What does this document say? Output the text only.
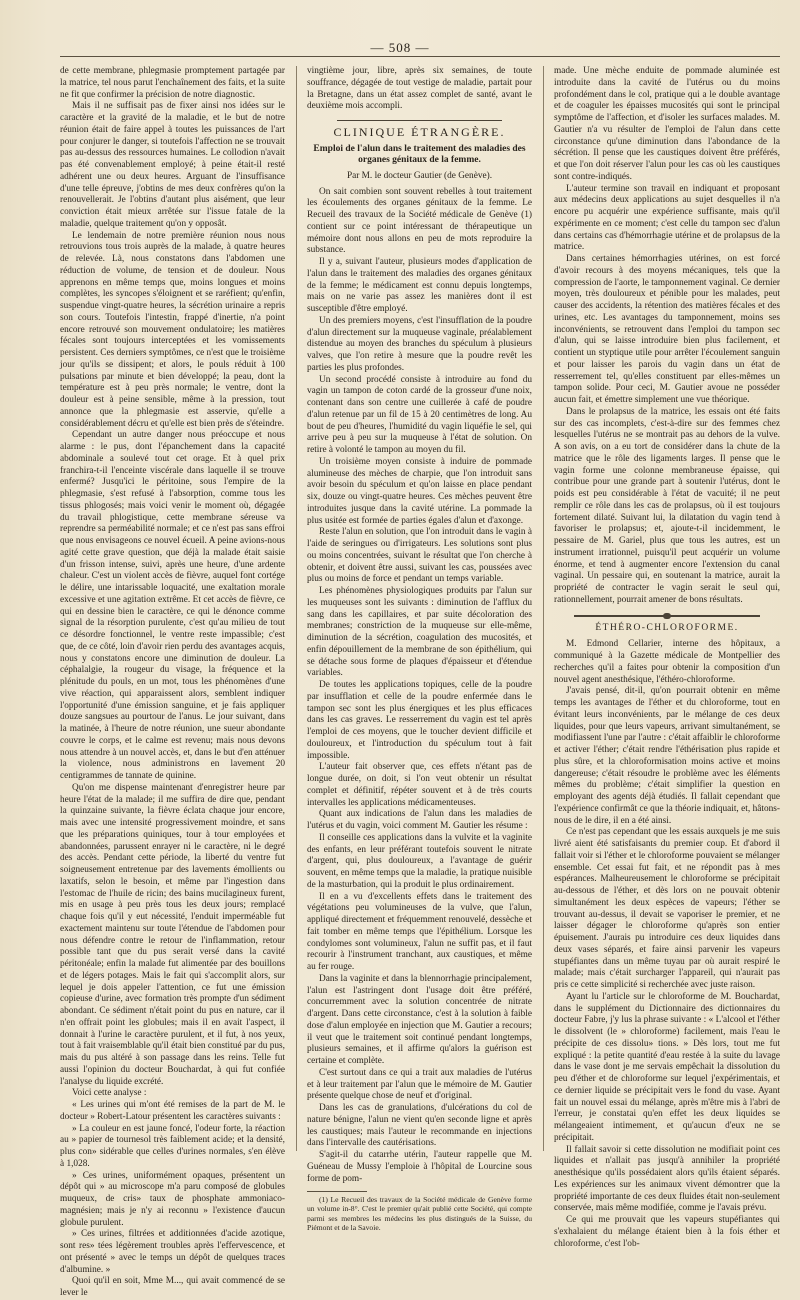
— 508 —

de cette membrane, phlegmasie promptement partagée par la matrice, tel nous parut l'enchaînement des faits, et la suite ne fit que confirmer la précision de notre diagnostic.

Mais il ne suffisait pas de fixer ainsi nos idées sur le caractère et la gravité de la maladie, et le but de notre réunion était de faire appel à toutes les puissances de l'art pour conjurer le danger, si toutefois l'affection ne se trouvait pas au-dessus des ressources humaines. Le collodion n'avait pas été convenablement employé; à peine était-il resté adhérent une ou deux heures. Arguant de l'insuffisance d'une telle épreuve, j'obtins de mes deux confrères qu'on la renouvellerait. Je l'obtins d'autant plus aisément, que leur conviction était mieux arrêtée sur l'issue fatale de la maladie, quelque traitement qu'on y opposât.

Le lendemain de notre première réunion nous nous retrouvions tous trois auprès de la malade, à quatre heures de relevée. Là, nous constatons dans l'abdomen une réduction de volume, de tension et de douleur. Nous apprenons en même temps que, moins longues et moins complètes, les syncopes s'éloignent et se raréfient; qu'enfin, suspendue vingt-quatre heures, la sécrétion urinaire a repris son cours. Toutefois l'intestin, frappé d'inertie, n'a point encore retrouvé son mouvement ondulatoire; les matières fécales sont toujours interceptées et les vomissements persistent. Ces derniers symptômes, ce n'est que le troisième jour qu'ils se dissipent; et alors, le pouls réduit à 100 pulsations par minute et bien développé; la peau, dont la température est à peu près normale; le ventre, dont la douleur est à peine sensible, même à la pression, tout annonce que la phlegmasie est asservie, qu'elle a considérablement décru et qu'elle est bien près de s'éteindre.

Cependant un autre danger nous préoccupe et nous alarme : le pus, dont l'épanchement dans la capacité abdominale a soulevé tout cet orage. Et à quel prix franchira-t-il l'enceinte viscérale dans laquelle il se trouve enfermé? Jusqu'ici le péritoine, sous l'empire de la phlegmasie, s'est refusé à l'absorption, comme tous les tissus phlogosés; mais voici venir le moment où, dégagée du travail phlogistique, cette membrane séreuse va reprendre sa perméabilité normale; et ce n'est pas sans effroi que nous envisageons ce nouvel écueil. A peine avions-nous agité cette grave question, que déjà la malade était saisie d'un frisson intense, suivi, après une heure, d'une ardente chaleur. C'est un violent accès de fièvre, auquel font cortége le délire, une intarissable loquacité, une exaltation morale excessive et une agitation extrême. Et cet accès de fièvre, ce qui en dessine bien le caractère, ce qui le dénonce comme signal de la résorption purulente, c'est qu'au milieu de tout ce désordre fonctionnel, le ventre reste impassible; c'est que, de ce côté, loin d'avoir rien perdu des avantages acquis, nous y constatons encore une diminution de douleur. La céphalalgie, la rougeur du visage, la fréquence et la plénitude du pouls, en un mot, tous les phénomènes d'une vive réaction, qui apparaissent alors, semblent indiquer l'opportunité d'une émission sanguine, et je fais appliquer douze sangsues au pourtour de l'anus. Le jour suivant, dans la matinée, à l'heure de notre réunion, une sueur abondante couvre le corps, et le calme est revenu; mais nous devons nous attendre à un nouvel accès, et, dans le but d'en atténuer la violence, nous administrons en lavement 20 centigrammes de tannate de quinine.

Qu'on me dispense maintenant d'enregistrer heure par heure l'état de la malade; il me suffira de dire que, pendant la quinzaine suivante, la fièvre éclata chaque jour encore, mais avec une intensité progressivement moindre, et sans que les préparations quiniques, tour à tour employées et abandonnées, parussent enrayer ni le caractère, ni le degré des accès. Pendant cette période, la liberté du ventre fut soigneusement entretenue par des lavements émollients ou laxatifs, selon le besoin, et même par l'ingestion dans l'estomac de l'huile de ricin; des bains mucilagineux furent, mis en usage à peu près tous les deux jours; remplacé chaque fois qu'il y eut nécessité, l'enduit imperméable fut exactement maintenu sur toute l'étendue de l'abdomen pour nous défendre contre le retour de l'inflammation, retour possible tant que du pus serait versé dans la cavité péritonéale; enfin la malade fut alimentée par des bouillons et de légers potages. Mais le fait qui s'accomplit alors, sur lequel je dois appeler l'attention, ce fut une émission copieuse d'urine, avec formation très prompte d'un sédiment abondant. Ce sédiment n'était point du pus en nature, car il n'en offrait point les globules; mais il en avait l'aspect, il donnait à l'urine le caractère purulent, et il fut, à nos yeux, tout à fait vraisemblable qu'il était bien constitué par du pus, mais du pus altéré à son passage dans les reins. Telle fut aussi l'opinion du docteur Bouchardat, à qui fut confiée l'analyse du liquide excrété.

Voici cette analyse :

« Les urines qui m'ont été remises de la part de M. le docteur » Robert-Latour présentent les caractères suivants :

» La couleur en est jaune foncé, l'odeur forte, la réaction au » papier de tournesol très faiblement acide; et la densité, plus con» sidérable que celles d'urines normales, s'en élève à 1,028.

» Ces urines, uniformément opaques, présentent un dépôt qui » au microscope m'a paru composé de globules muqueux, de cris» taux de phosphate ammoniaco-magnésien; mais je n'y ai reconnu » l'existence d'aucun globule purulent.

» Ces urines, filtrées et additionnées d'acide azotique, sont res» tées légèrement troubles après l'effervescence, et ont présenté » avec le temps un dépôt de quelques traces d'albumine. »

Quoi qu'il en soit, Mme M..., qui avait commencé de se lever le

vingtième jour, libre, après six semaines, de toute souffrance, dégagée de tout vestige de maladie, partait pour la Bretagne, dans un état assez complet de santé, avant le deuxième mois accompli.

CLINIQUE ÉTRANGÈRE.
Emploi de l'alun dans le traitement des maladies des organes génitaux de la femme.
Par M. le docteur Gautier (de Genève).

On sait combien sont souvent rebelles à tout traitement les écoulements des organes génitaux de la femme. Le Recueil des travaux de la Société médicale de Genève (1) contient sur ce point intéressant de thérapeutique un mémoire dont nous allons en peu de mots reproduire la substance.

Il y a, suivant l'auteur, plusieurs modes d'application de l'alun dans le traitement des maladies des organes génitaux de la femme; le médicament est connu depuis longtemps, mais on ne varie pas assez les manières dont il est susceptible d'être employé.

Un des premiers moyens, c'est l'insufflation de la poudre d'alun directement sur la muqueuse vaginale, préalablement distendue au moyen des branches du spéculum à plusieurs valves, que l'on retire à mesure que la poudre revêt les parties les plus profondes.

Un second procédé consiste à introduire au fond du vagin un tampon de coton cardé de la grosseur d'une noix, contenant dans son centre une cuillerée à café de poudre d'alun retenue par un fil de 15 à 20 centimètres de long. Au bout de peu d'heures, l'humidité du vagin liquéfie le sel, qui arrive peu à peu sur la muqueuse à l'état de solution. On retire à volonté le tampon au moyen du fil.

Un troisième moyen consiste à induire de pommade alumineuse des mèches de charpie, que l'on introduit sans avoir besoin du spéculum et qu'on laisse en place pendant six, douze ou vingt-quatre heures. Ces mèches peuvent être introduites jusque dans la cavité utérine. La pommade la plus usitée est formée de parties égales d'alun et d'axonge.

Reste l'alun en solution, que l'on introduit dans le vagin à l'aide de seringues ou d'irrigateurs. Les solutions sont plus ou moins concentrées, suivant le résultat que l'on cherche à obtenir, et doivent être aussi, suivant les cas, poussées avec plus ou moins de force et pendant un temps variable.

Les phénomènes physiologiques produits par l'alun sur les muqueuses sont les suivants : diminution de l'afflux du sang dans les capillaires, et par suite décoloration des membranes; constriction de la muqueuse sur elle-même, diminution de la sécrétion, coagulation des mucosités, et enfin dépouillement de la membrane de son épithélium, qui se détache sous forme de plaques d'épaisseur et d'étendue variables.

De toutes les applications topiques, celle de la poudre par insufflation et celle de la poudre enfermée dans le tampon sec sont les plus énergiques et les plus efficaces dans les cas graves. Le resserrement du vagin est tel après l'emploi de ces moyens, que le toucher devient difficile et douloureux, et l'introduction du spéculum tout à fait impossible.

L'auteur fait observer que, ces effets n'étant pas de longue durée, on doit, si l'on veut obtenir un résultat complet et définitif, répéter souvent et à de très courts intervalles les applications médicamenteuses.

Quant aux indications de l'alun dans les maladies de l'utérus et du vagin, voici comment M. Gautier les résume :

Il conseille ces applications dans la vulvite et la vaginite des enfants, en leur préférant toutefois souvent le nitrate d'argent, qui, plus douloureux, a l'avantage de guérir souvent, en même temps que la maladie, la pratique nuisible de la masturbation, qui la produit le plus ordinairement.

Il en a vu d'excellents effets dans le traitement des végétations peu volumineuses de la vulve, que l'alun, appliqué directement et fréquemment renouvelé, dessèche et fait tomber en même temps que l'épithélium. Lorsque les condylomes sont volumineux, l'alun ne suffit pas, et il faut recourir à l'instrument tranchant, aux caustiques, et même au fer rouge.

Dans la vaginite et dans la blennorrhagie principalement, l'alun est l'astringent dont l'usage doit être préféré, concurremment avec la solution concentrée de nitrate d'argent. Dans cette circonstance, c'est à la solution à faible dose d'alun employée en injection que M. Gautier a recours; il veut que le traitement soit continué pendant longtemps, plusieurs semaines, et il affirme qu'alors la guérison est certaine et complète.

C'est surtout dans ce qui a trait aux maladies de l'utérus et à leur traitement par l'alun que le mémoire de M. Gautier présente quelque chose de neuf et d'original.

Dans les cas de granulations, d'ulcérations du col de nature bénigne, l'alun ne vient qu'en seconde ligne et après les caustiques; mais l'auteur le recommande en injections dans l'intervalle des cautérisations.

S'agit-il du catarrhe utérin, l'auteur rappelle que M. Guéneau de Mussy l'emploie à l'hôpital de Lourcine sous forme de pom-

(1) Le Recueil des travaux de la Société médicale de Genève forme un volume in-8°. C'est le premier qu'ait publié cette Société, qui compte parmi ses membres les médecins les plus distingués de la Suisse, du Piémont et de la Savoie.

made. Une mèche enduite de pommade aluminée est introduite dans la cavité de l'utérus ou du moins profondément dans le col, pratique qui a le double avantage et de coaguler les épaisses mucosités qui sont le principal symptôme de l'affection, et d'isoler les surfaces malades. M. Gautier n'a vu résulter de l'emploi de l'alun dans cette circonstance qu'une diminution dans l'abondance de la sécrétion. Il pense que les caustiques doivent être préférés, et que l'on doit réserver l'alun pour les cas où les caustiques sont contre-indiqués.

L'auteur termine son travail en indiquant et proposant aux médecins deux applications au sujet desquelles il n'a encore pu acquérir une expérience suffisante, mais qu'il expérimente en ce moment; c'est celle du tampon sec d'alun dans certains cas d'hémorrhagie utérine et de prolapsus de la matrice.

Dans certaines hémorrhagies utérines, on est forcé d'avoir recours à des moyens mécaniques, tels que la compression de l'aorte, le tamponnement vaginal. Ce dernier moyen, très douloureux et pénible pour les malades, peut causer des accidents, la rétention des matières fécales et des urines, etc. Les avantages du tamponnement, moins ses inconvénients, se retrouvent dans l'emploi du tampon sec d'alun, qui se laisse introduire bien plus facilement, et contient un styptique utile pour arrêter l'écoulement sanguin et pour laisser les parois du vagin dans un état de resserrement tel, qu'elles constituent par elles-mêmes un tampon solide. Pour ceci, M. Gautier avoue ne posséder aucun fait, et émettre simplement une vue théorique.

Dans le prolapsus de la matrice, les essais ont été faits sur des cas incomplets, c'est-à-dire sur des femmes chez lesquelles l'utérus ne se montrait pas au dehors de la vulve. A son avis, on a eu tort de considérer dans la chute de la matrice que le rôle des ligaments larges. Il pense que le vagin forme une colonne membraneuse épaisse, qui contribue pour une grande part à soutenir l'utérus, dont le poids est peu considérable à l'état de vacuité; il ne peut remplir ce rôle dans les cas de prolapsus, où il est toujours fortement dilaté. Suivant lui, la dilatation du vagin tend à favoriser le prolapsus; et, ajoute-t-il incidemment, le pessaire de M. Gariel, plus que tous les autres, est un instrument irrationnel, puisqu'il peut acquérir un volume énorme, et tend à augmenter encore l'extension du canal vaginal. Un pessaire qui, en soutenant la matrice, aurait la propriété de contracter le vagin serait le seul qui, rationnellement, pourrait amener de bons résultats.

ÉTHÉRO-CHLOROFORME.

M. Edmond Cellarier, interne des hôpitaux, a communiqué à la Gazette médicale de Montpellier des recherches qu'il a faites pour obtenir la composition d'un nouvel agent anesthésique, l'éthéro-chloroforme.

J'avais pensé, dit-il, qu'on pourrait obtenir en même temps les avantages de l'éther et du chloroforme, tout en évitant leurs inconvénients, par le mélange de ces deux liquides, pour que leurs vapeurs, arrivant simultanément, se modifiassent l'une par l'autre : c'était affaiblir le chloroforme et activer l'éther; c'était rendre l'éthérisation plus rapide et plus sûre, et la chloroformisation moins active et moins dangereuse; c'était résoudre le problème avec les éléments mêmes du problème; c'était simplifier la question en employant des agents déjà étudiés. Il fallait cependant que l'expérience confirmât ce que la théorie indiquait, et, hâtons-nous de le dire, il en a été ainsi.

Ce n'est pas cependant que les essais auxquels je me suis livré aient été satisfaisants du premier coup. Et d'abord il fallait voir si l'éther et le chloroforme pouvaient se mélanger ensemble. Cet essai fut fait, et ne répondit pas à mes espérances. Malheureusement le chloroforme se précipitait au-dessous de l'éther, et dès lors on ne pouvait obtenir simultanément les deux espèces de vapeurs; l'éther se trouvant au-dessus, il devait se vaporiser le premier, et ne laisser dégager le chloroforme qu'après son entier épuisement. J'aurais pu introduire ces deux liquides dans deux vases séparés, et faire ainsi parvenir les vapeurs stupéfiantes dans un même tuyau par où aurait respiré le malade; mais c'était surcharger l'appareil, qui n'aurait pas pris ce cette simplicité si recherchée avec juste raison.

Ayant lu l'article sur le chloroforme de M. Bouchardat, dans le supplément du Dictionnaire des dictionnaires du docteur Fabre, j'y lus la phrase suivante : « L'alcool et l'éther le dissolvent (le » chloroforme) facilement, mais l'eau le précipite de ces dissolu» tions. » Dès lors, tout me fut expliqué : la petite quantité d'eau restée à la suite du lavage dans le vase dont je me servais empêchait la dissolution du peu d'éther et de chloroforme sur lequel j'expérimentais, et ce dernier liquide se précipitait vers le fond du vase. Ayant fait un nouvel essai du mélange, après m'être mis à l'abri de l'erreur, je constatai qu'en effet les deux liquides se mélangeaient intimement, et qu'aucun d'eux ne se précipitait.

Il fallait savoir si cette dissolution ne modifiait point ces liquides et n'allait pas jusqu'à annihiler la propriété anesthésique qu'ils possédaient alors qu'ils étaient séparés. Les expériences sur les animaux vivent démontrer que la propriété importante de ces deux fluides était non-seulement conservée, mais même modifiée, comme je l'avais prévu.

Ce qui me prouvait que les vapeurs stupéfiantes qui s'exhalaient du mélange étaient bien à la fois éther et chloroforme, c'est l'ob-
